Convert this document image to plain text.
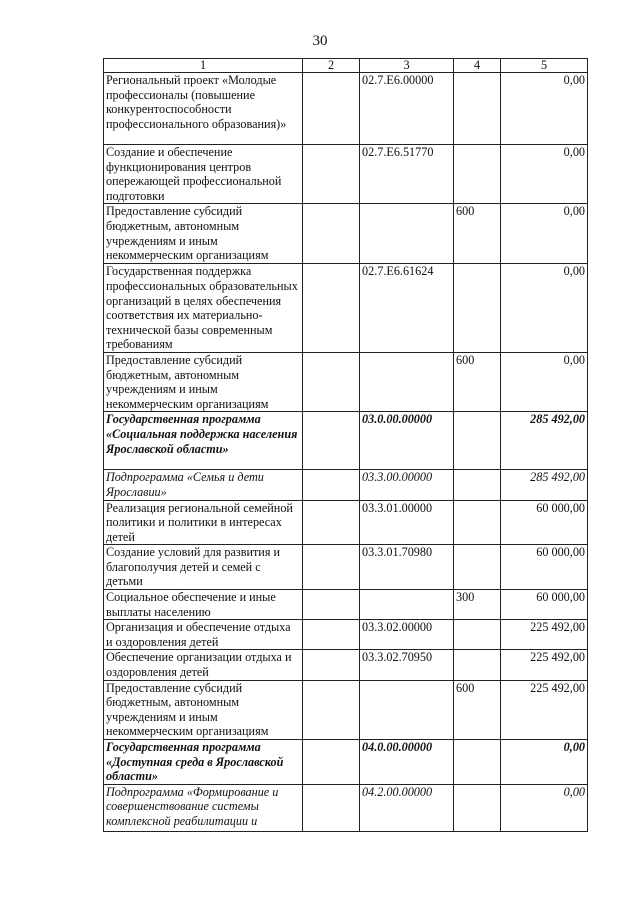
30
1	2	3	4	5
Региональный проект «Молодые профессионалы (повышение конкурентоспособности профессионального образования)»		02.7.Е6.00000		0,00
Создание и обеспечение функционирования центров опережающей профессиональной подготовки		02.7.Е6.51770		0,00
Предоставление субсидий бюджетным, автономным учреждениям и иным некоммерческим организациям			600	0,00
Государственная поддержка профессиональных образовательных организаций в целях обеспечения соответствия их материально-технической базы современным требованиям		02.7.Е6.61624		0,00
Предоставление субсидий бюджетным, автономным учреждениям и иным некоммерческим организациям			600	0,00
Государственная программа «Социальная поддержка населения Ярославской области»		03.0.00.00000		285 492,00
Подпрограмма «Семья и дети Ярославии»		03.3.00.00000		285 492,00
Реализация региональной семейной политики и политики в интересах детей		03.3.01.00000		60 000,00
Создание условий для развития и благополучия детей и семей с детьми		03.3.01.70980		60 000,00
Социальное обеспечение и иные выплаты населению			300	60 000,00
Организация и обеспечение отдыха и оздоровления детей		03.3.02.00000		225 492,00
Обеспечение организации отдыха и оздоровления детей		03.3.02.70950		225 492,00
Предоставление субсидий бюджетным, автономным учреждениям и иным некоммерческим организациям			600	225 492,00
Государственная программа «Доступная среда в Ярославской области»		04.0.00.00000		0,00
Подпрограмма «Формирование и совершенствование системы комплексной реабилитации и		04.2.00.00000		0,00
